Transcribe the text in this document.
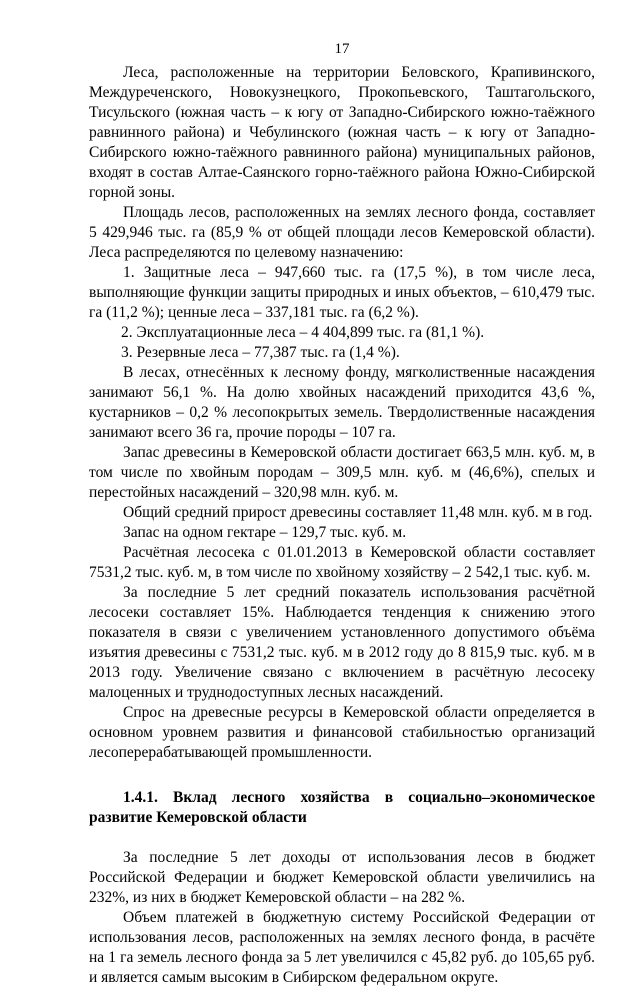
17

Леса, расположенные на территории Беловского, Крапивинского, Междуреченского, Новокузнецкого, Прокопьевского, Таштагольского, Тисульского (южная часть – к югу от Западно-Сибирского южно-таёжного равнинного района) и Чебулинского (южная часть – к югу от Западно-Сибирского южно-таёжного равнинного района) муниципальных районов, входят в состав Алтае-Саянского горно-таёжного района Южно-Сибирской горной зоны.

Площадь лесов, расположенных на землях лесного фонда, составляет 5 429,946 тыс. га (85,9 % от общей площади лесов Кемеровской области). Леса распределяются по целевому назначению:

1. Защитные леса – 947,660 тыс. га (17,5 %), в том числе леса, выполняющие функции защиты природных и иных объектов, – 610,479 тыс. га (11,2 %); ценные леса – 337,181 тыс. га (6,2 %).

2. Эксплуатационные леса – 4 404,899 тыс. га (81,1 %).

3. Резервные леса – 77,387 тыс. га (1,4 %).

В лесах, отнесённых к лесному фонду, мягколиственные насаждения занимают 56,1 %. На долю хвойных насаждений приходится 43,6 %, кустарников – 0,2 % лесопокрытых земель. Твердолиственные насаждения занимают всего 36 га, прочие породы – 107 га.

Запас древесины в Кемеровской области достигает 663,5 млн. куб. м, в том числе по хвойным породам – 309,5 млн. куб. м (46,6%), спелых и перестойных насаждений – 320,98 млн. куб. м.

Общий средний прирост древесины составляет 11,48 млн. куб. м в год.

Запас на одном гектаре – 129,7 тыс. куб. м.

Расчётная лесосека с 01.01.2013 в Кемеровской области составляет 7531,2 тыс. куб. м, в том числе по хвойному хозяйству – 2 542,1 тыс. куб. м.

За последние 5 лет средний показатель использования расчётной лесосеки составляет 15%. Наблюдается тенденция к снижению этого показателя в связи с увеличением установленного допустимого объёма изъятия древесины с 7531,2 тыс. куб. м в 2012 году до 8 815,9 тыс. куб. м в 2013 году. Увеличение связано с включением в расчётную лесосеку малоценных и труднодоступных лесных насаждений.

Спрос на древесные ресурсы в Кемеровской области определяется в основном уровнем развития и финансовой стабильностью организаций лесоперерабатывающей промышленности.

1.4.1. Вклад лесного хозяйства в социально–экономическое развитие Кемеровской области

За последние 5 лет доходы от использования лесов в бюджет Российской Федерации и бюджет Кемеровской области увеличились на 232%, из них в бюджет Кемеровской области – на 282 %.

Объем платежей в бюджетную систему Российской Федерации от использования лесов, расположенных на землях лесного фонда, в расчёте на 1 га земель лесного фонда за 5 лет увеличился с 45,82 руб. до 105,65 руб. и является самым высоким в Сибирском федеральном округе.
